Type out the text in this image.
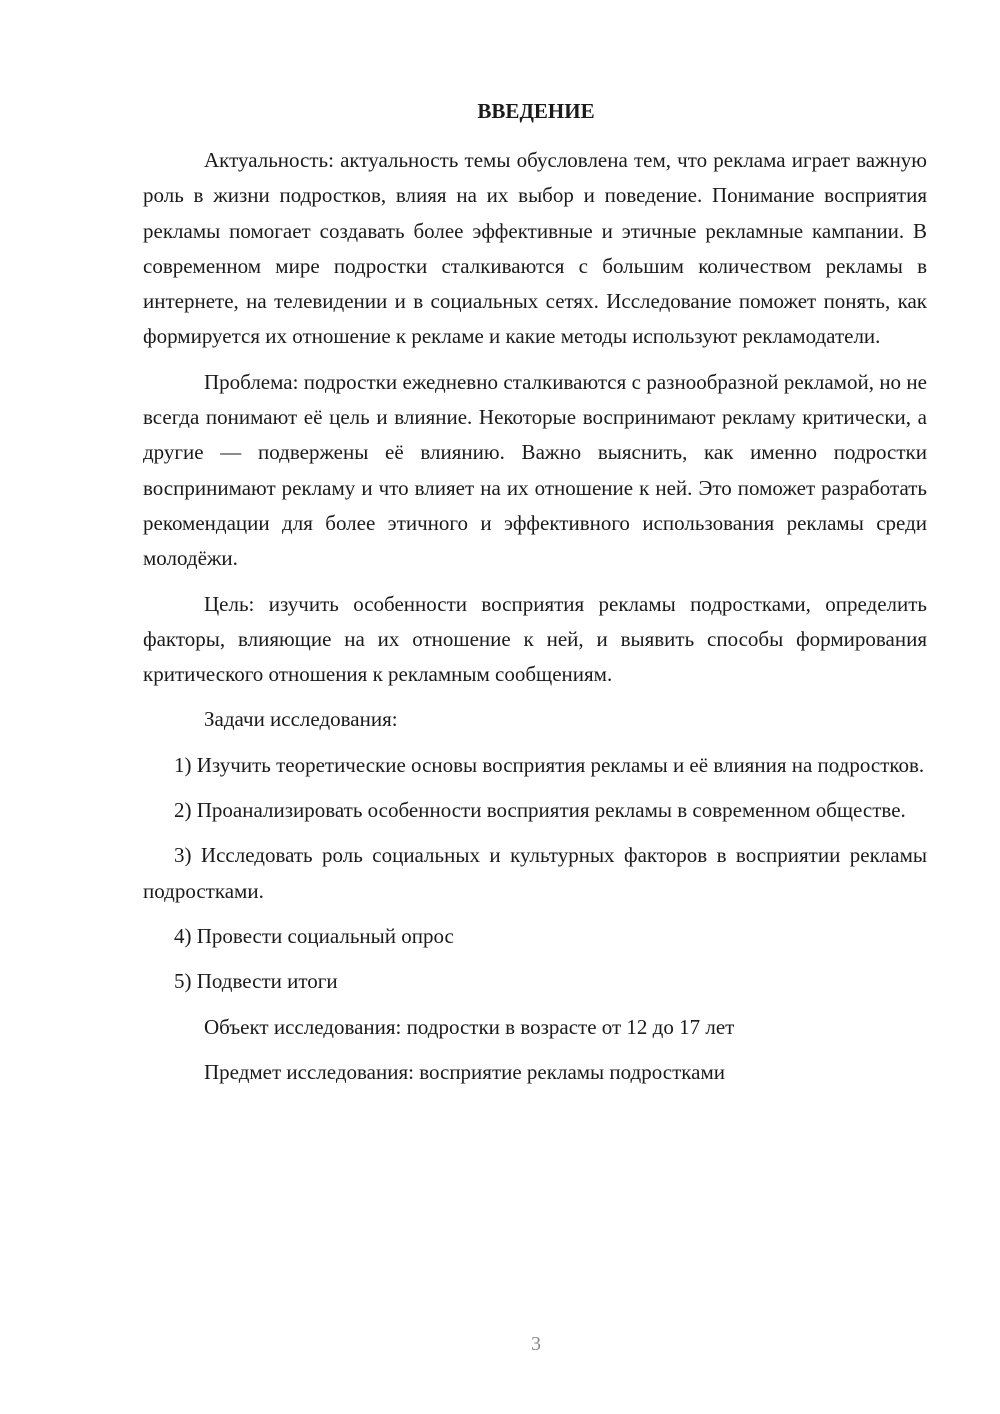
ВВЕДЕНИЕ

Актуальность: актуальность темы обусловлена тем, что реклама играет важную роль в жизни подростков, влияя на их выбор и поведение. Понимание восприятия рекламы помогает создавать более эффективные и этичные рекламные кампании. В современном мире подростки сталкиваются с большим количеством рекламы в интернете, на телевидении и в социальных сетях. Исследование поможет понять, как формируется их отношение к рекламе и какие методы используют рекламодатели.

Проблема: подростки ежедневно сталкиваются с разнообразной рекламой, но не всегда понимают её цель и влияние. Некоторые воспринимают рекламу критически, а другие — подвержены её влиянию. Важно выяснить, как именно подростки воспринимают рекламу и что влияет на их отношение к ней. Это поможет разработать рекомендации для более этичного и эффективного использования рекламы среди молодёжи.

Цель: изучить особенности восприятия рекламы подростками, определить факторы, влияющие на их отношение к ней, и выявить способы формирования критического отношения к рекламным сообщениям.

Задачи исследования:

1) Изучить теоретические основы восприятия рекламы и её влияния на подростков.

2) Проанализировать особенности восприятия рекламы в современном обществе.

3) Исследовать роль социальных и культурных факторов в восприятии рекламы подростками.

4) Провести социальный опрос

5) Подвести итоги

Объект исследования: подростки в возрасте от 12 до 17 лет

Предмет исследования: восприятие рекламы подростками

3
